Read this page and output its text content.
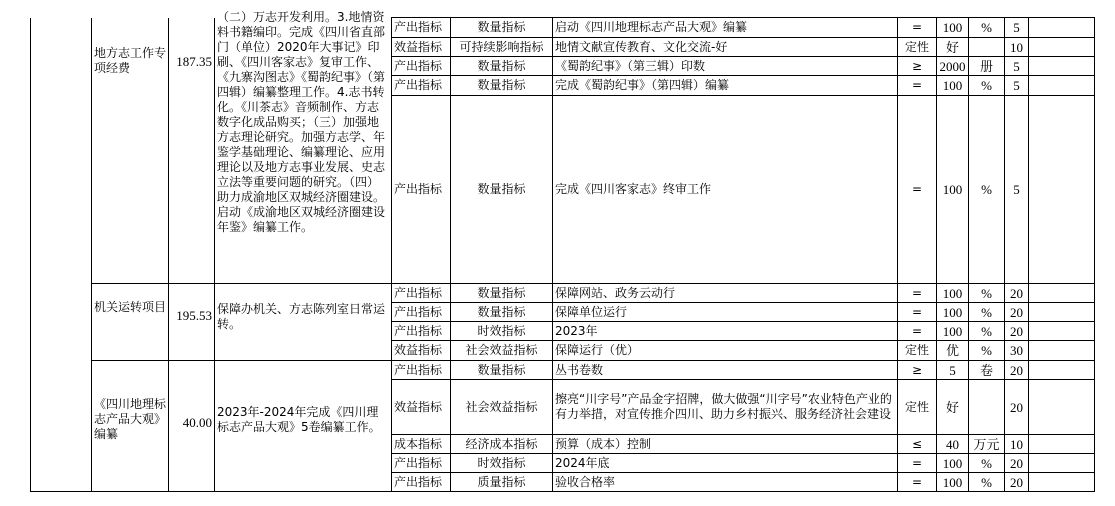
	地方志工作专项经费	187.35	（二）万志开发利用。3.地情资料书籍编印。完成《四川省直部门（单位）2020年大事记》印刷、《四川客家志》复审工作、《九寨沟图志》《蜀韵纪事》（第四辑）编纂整理工作。4.志书转化。《川茶志》音频制作、方志数字化成品购买；（三）加强地方志理论研究。加强方志学、年鉴学基础理论、编纂理论、应用理论以及地方志事业发展、史志立法等重要问题的研究。（四）助力成渝地区双城经济圈建设。启动《成渝地区双城经济圈建设年鉴》编纂工作。	产出指标	数量指标	启动《四川地理标志产品大观》编纂	=	100	%	5	
				效益指标	可持续影响指标	地情文献宣传教育、文化交流-好	定性	好		10	
				产出指标	数量指标	《蜀韵纪事》（第三辑）印数	≥	2000	册	5	
				产出指标	数量指标	完成《蜀韵纪事》（第四辑）编纂	=	100	%	5	
				产出指标	数量指标	完成《四川客家志》终审工作	=	100	%	5	
	机关运转项目	195.53	保障办机关、方志陈列室日常运转。	产出指标	数量指标	保障网站、政务云动行	=	100	%	20	
				产出指标	数量指标	保障单位运行	=	100	%	20	
				产出指标	时效指标	2023年	=	100	%	20	
				效益指标	社会效益指标	保障运行（优）	定性	优	%	30	
	《四川地理标志产品大观》编纂	40.00	2023年-2024年完成《四川理标志产品大观》5卷编纂工作。	产出指标	数量指标	丛书卷数	≥	5	卷	20	
				效益指标	社会效益指标	擦亮“川字号”产品金字招牌，做大做强“川字号”农业特色产业的有力举措，对宣传推介四川、助力乡村振兴、服务经济社会建设	定性	好		20	
				成本指标	经济成本指标	预算（成本）控制	≤	40	万元	10	
				产出指标	时效指标	2024年底	=	100	%	20	
				产出指标	质量指标	验收合格率	=	100	%	20	
